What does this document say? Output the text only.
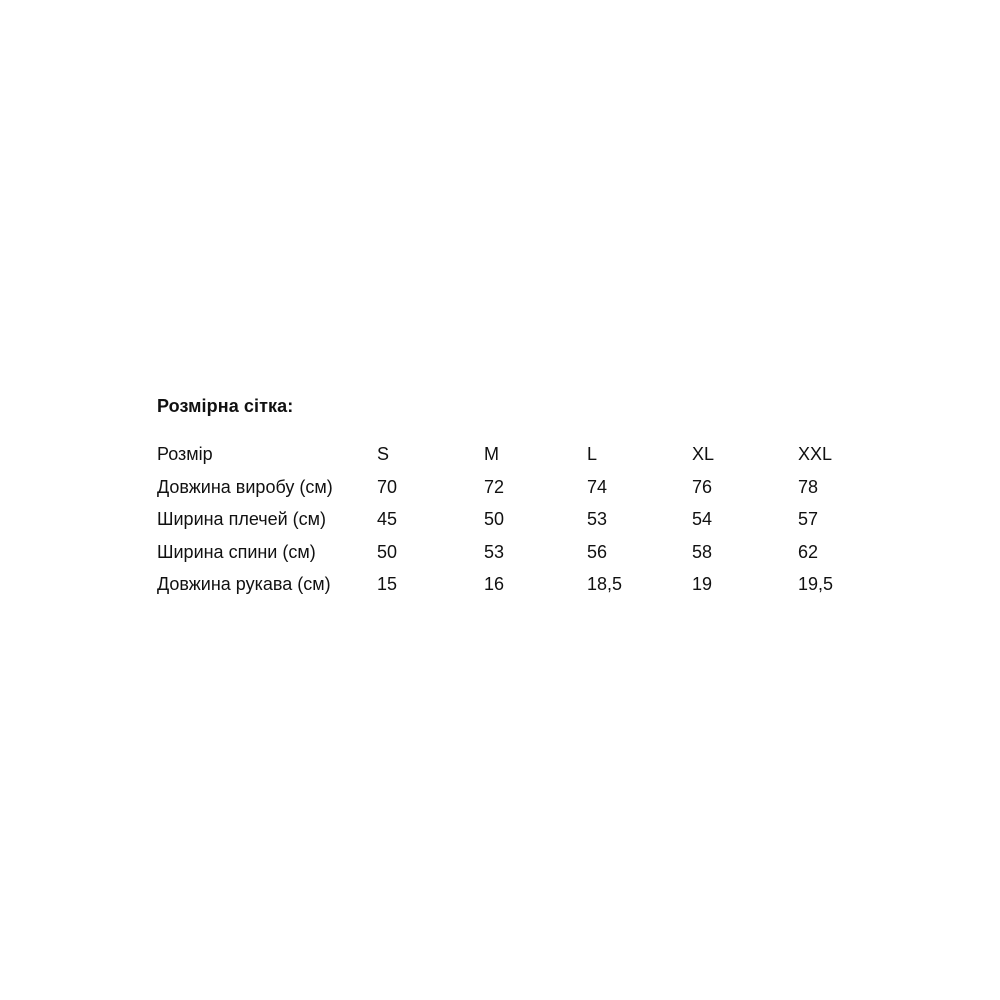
Розмірна сітка:
Розмір	S	M	L	XL	XXL
Довжина виробу (см)	70	72	74	76	78
Ширина плечей (см)	45	50	53	54	57
Ширина спини (см)	50	53	56	58	62
Довжина рукава (см)	15	16	18,5	19	19,5
